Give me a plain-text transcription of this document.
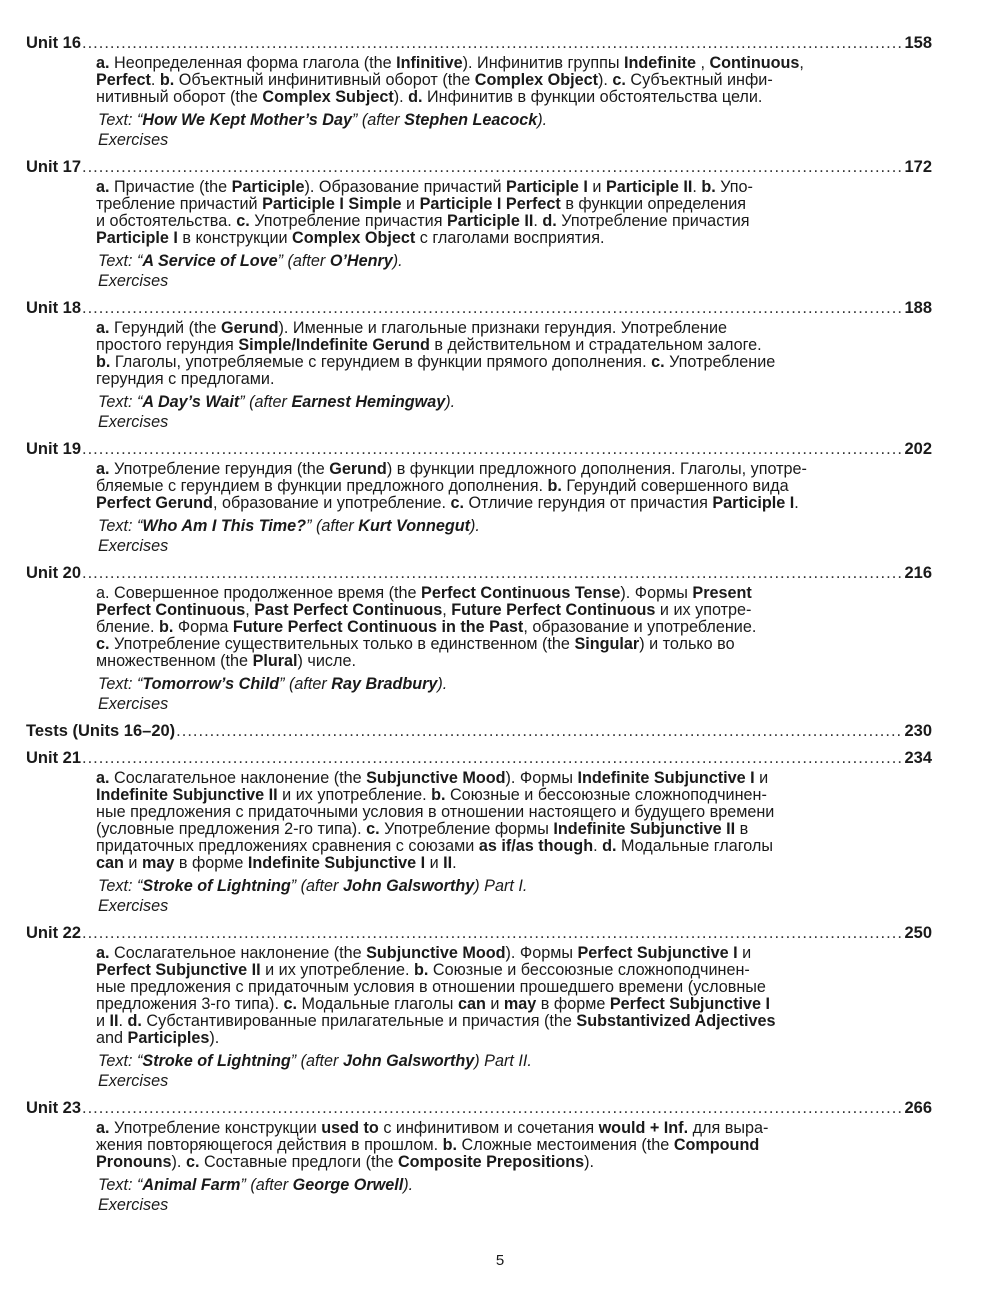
Unit 16 .....	158
a. Неопределенная форма глагола (the Infinitive). Инфинитив группы Indefinite , Continuous,
Perfect. b. Объектный инфинитивный оборот (the Complex Object). c. Субъектный инфи-
нитивный оборот (the Complex Subject). d. Инфинитив в функции обстоятельства цели.
Text: “How We Kept Mother’s Day” (after Stephen Leacock).
Exercises
Unit 17 .....	172
a. Причастие (the Participle). Образование причастий Participle I и Participle II. b. Упо-
требление причастий Participle I Simple и Participle I Perfect в функции определения
и обстоятельства. c. Употребление причастия Participle II. d. Употребление причастия
Participle I в конструкции Complex Object с глаголами восприятия.
Text: “A Service of Love” (after O’Henry).
Exercises
Unit 18 .....	188
a. Герундий (the Gerund). Именные и глагольные признаки герундия. Употребление
простого герундия Simple/Indefinite Gerund в действительном и страдательном залоге.
b. Глаголы, употребляемые с герундием в функции прямого дополнения. c. Употребление
герундия с предлогами.
Text: “A Day’s Wait” (after Earnest Hemingway).
Exercises
Unit 19 .....	202
a. Употребление герундия (the Gerund) в функции предложного дополнения. Глаголы, употре-
бляемые с герундием в функции предложного дополнения. b. Герундий совершенного вида
Perfect Gerund, образование и употребление. c. Отличие герундия от причастия Participle I.
Text: “Who Am I This Time?” (after Kurt Vonnegut).
Exercises
Unit 20 .....	216
a. Совершенное продолженное время (the Perfect Continuous Tense). Формы Present
Perfect Continuous, Past Perfect Continuous, Future Perfect Continuous и их употре-
бление. b. Форма Future Perfect Continuous in the Past, образование и употребление.
c. Употребление существительных только в единственном (the Singular) и только во
множественном (the Plural) числе.
Text: “Tomorrow’s Child” (after Ray Bradbury).
Exercises
Tests (Units 16–20) .....	230
Unit 21 .....	234
a. Сослагательное наклонение (the Subjunctive Mood). Формы Indefinite Subjunctive I и
Indefinite Subjunctive II и их употребление. b. Союзные и бессоюзные сложноподчинен-
ные предложения с придаточными условия в отношении настоящего и будущего времени
(условные предложения 2-го типа). c. Употребление формы Indefinite Subjunctive II в
придаточных предложениях сравнения с союзами as if/as though. d. Модальные глаголы
can и may в форме Indefinite Subjunctive I и II.
Text: “Stroke of Lightning” (after John Galsworthy) Part I.
Exercises
Unit 22 .....	250
a. Сослагательное наклонение (the Subjunctive Mood). Формы Perfect Subjunctive I и
Perfect Subjunctive II и их употребление. b. Союзные и бессоюзные сложноподчинен-
ные предложения с придаточным условия в отношении прошедшего времени (условные
предложения 3-го типа). c. Модальные глаголы can и may в форме Perfect Subjunctive I
и II. d. Субстантивированные прилагательные и причастия (the Substantivized Adjectives
and Participles).
Text: “Stroke of Lightning” (after John Galsworthy) Part II.
Exercises
Unit 23 .....	266
a. Употребление конструкции used to с инфинитивом и сочетания would + Inf. для выра-
жения повторяющегося действия в прошлом. b. Сложные местоимения (the Compound
Pronouns). c. Составные предлоги (the Composite Prepositions).
Text: “Animal Farm” (after George Orwell).
Exercises
5
